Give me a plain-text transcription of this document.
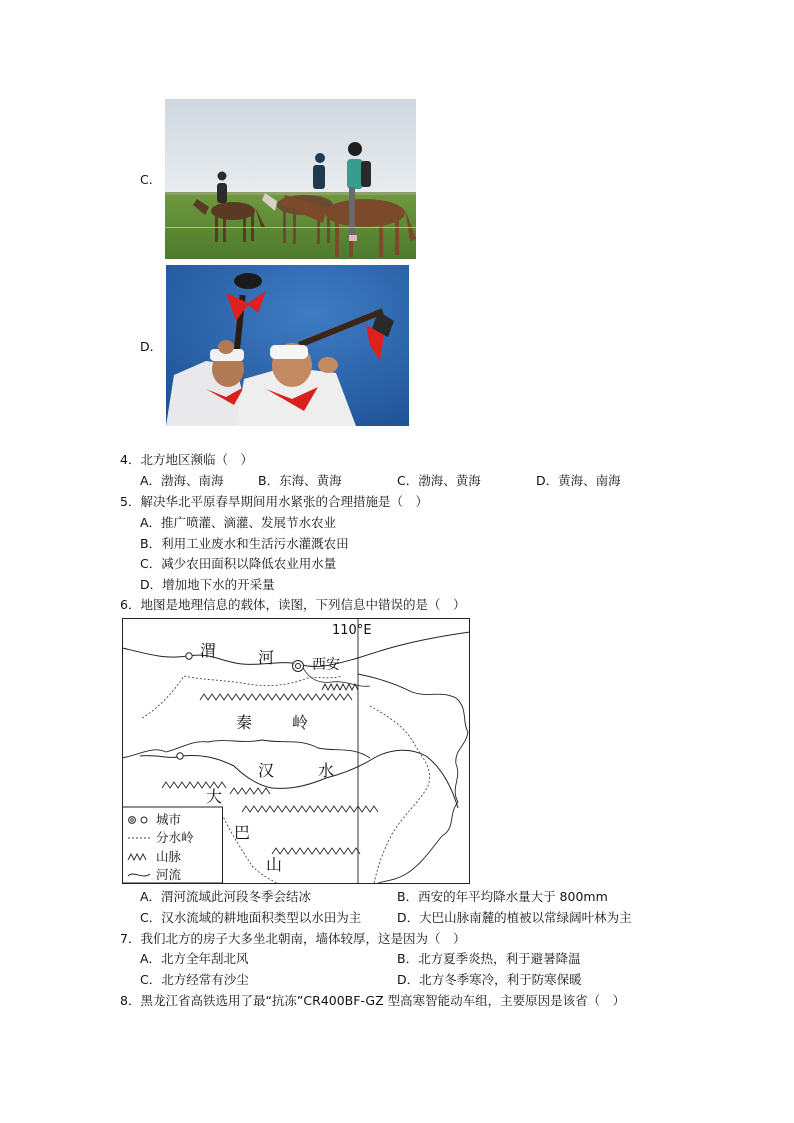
C.
D.
4．北方地区濒临（　）
A．渤海、南海	B．东海、黄海	C．渤海、黄海	D．黄海、南海
5．解决华北平原春旱期间用水紧张的合理措施是（　）
A．推广喷灌、滴灌、发展节水农业
B．利用工业废水和生活污水灌溉农田
C．减少农田面积以降低农业用水量
D．增加地下水的开采量
6．地图是地理信息的载体，读图，下列信息中错误的是（　）
110°E
渭	河	西安
秦 岭
汉	水
大
巴
山
城市
分水岭
山脉
河流
A．渭河流域此河段冬季会结冰	B．西安的年平均降水量大于 800mm
C．汉水流域的耕地面积类型以水田为主	D．大巴山脉南麓的植被以常绿阔叶林为主
7．我们北方的房子大多坐北朝南，墙体较厚，这是因为（　）
A．北方全年刮北风	B．北方夏季炎热，利于避暑降温
C．北方经常有沙尘	D．北方冬季寒冷，利于防寒保暖
8．黑龙江省高铁选用了最“抗冻”CR400BF-GZ 型高寒智能动车组，主要原因是该省（　）
